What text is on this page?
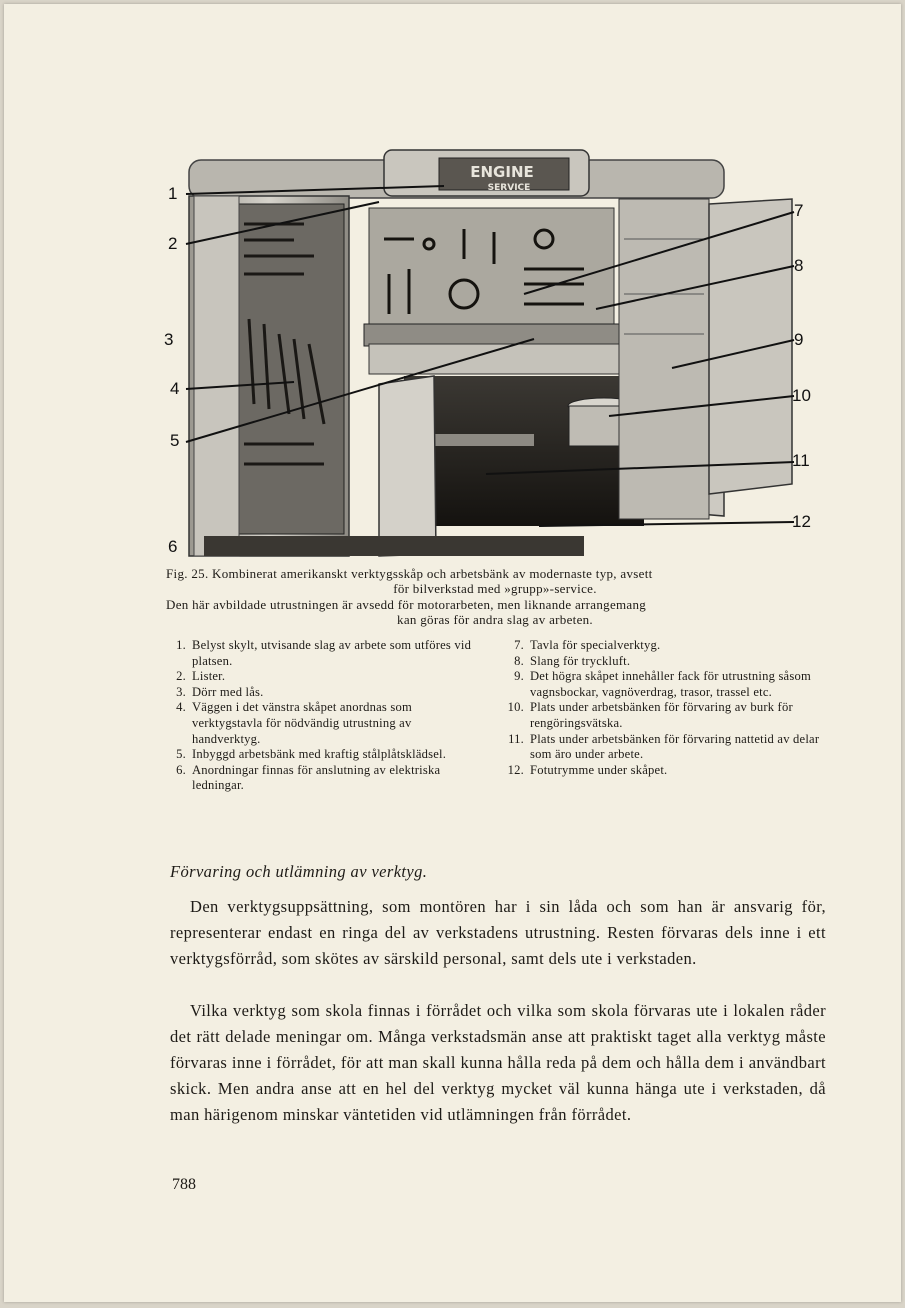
ENGINE
SERVICE
1
2
3
4
5
6
7
8
9
10
11
12
Fig. 25. Kombinerat amerikanskt verktygsskåp och arbetsbänk av modernaste typ, avsett
för bilverkstad med »grupp»-service.
Den här avbildade utrustningen är avsedd för motorarbeten, men liknande arrangemang
kan göras för andra slag av arbeten.
1. Belyst skylt, utvisande slag av arbete som utföres vid platsen.
2. Lister.
3. Dörr med lås.
4. Väggen i det vänstra skåpet anordnas som verktygstavla för nödvändig utrustning av handverktyg.
5. Inbyggd arbetsbänk med kraftig stålplåtsklädsel.
6. Anordningar finnas för anslutning av elektriska ledningar.
7. Tavla för specialverktyg.
8. Slang för tryckluft.
9. Det högra skåpet innehåller fack för utrustning såsom vagnsbockar, vagnöverdrag, trasor, trassel etc.
10. Plats under arbetsbänken för förvaring av burk för rengöringsvätska.
11. Plats under arbetsbänken för förvaring nattetid av delar som äro under arbete.
12. Fotutrymme under skåpet.
Förvaring och utlämning av verktyg.
Den verktygsuppsättning, som montören har i sin låda och som han är ansvarig för, representerar endast en ringa del av verkstadens utrustning. Resten förvaras dels inne i ett verktygsförråd, som skötes av särskild personal, samt dels ute i verkstaden.
Vilka verktyg som skola finnas i förrådet och vilka som skola förvaras ute i lokalen råder det rätt delade meningar om. Många verkstadsmän anse att praktiskt taget alla verktyg måste förvaras inne i förrådet, för att man skall kunna hålla reda på dem och hålla dem i användbart skick. Men andra anse att en hel del verktyg mycket väl kunna hänga ute i verkstaden, då man härigenom minskar väntetiden vid utlämningen från förrådet.
788
